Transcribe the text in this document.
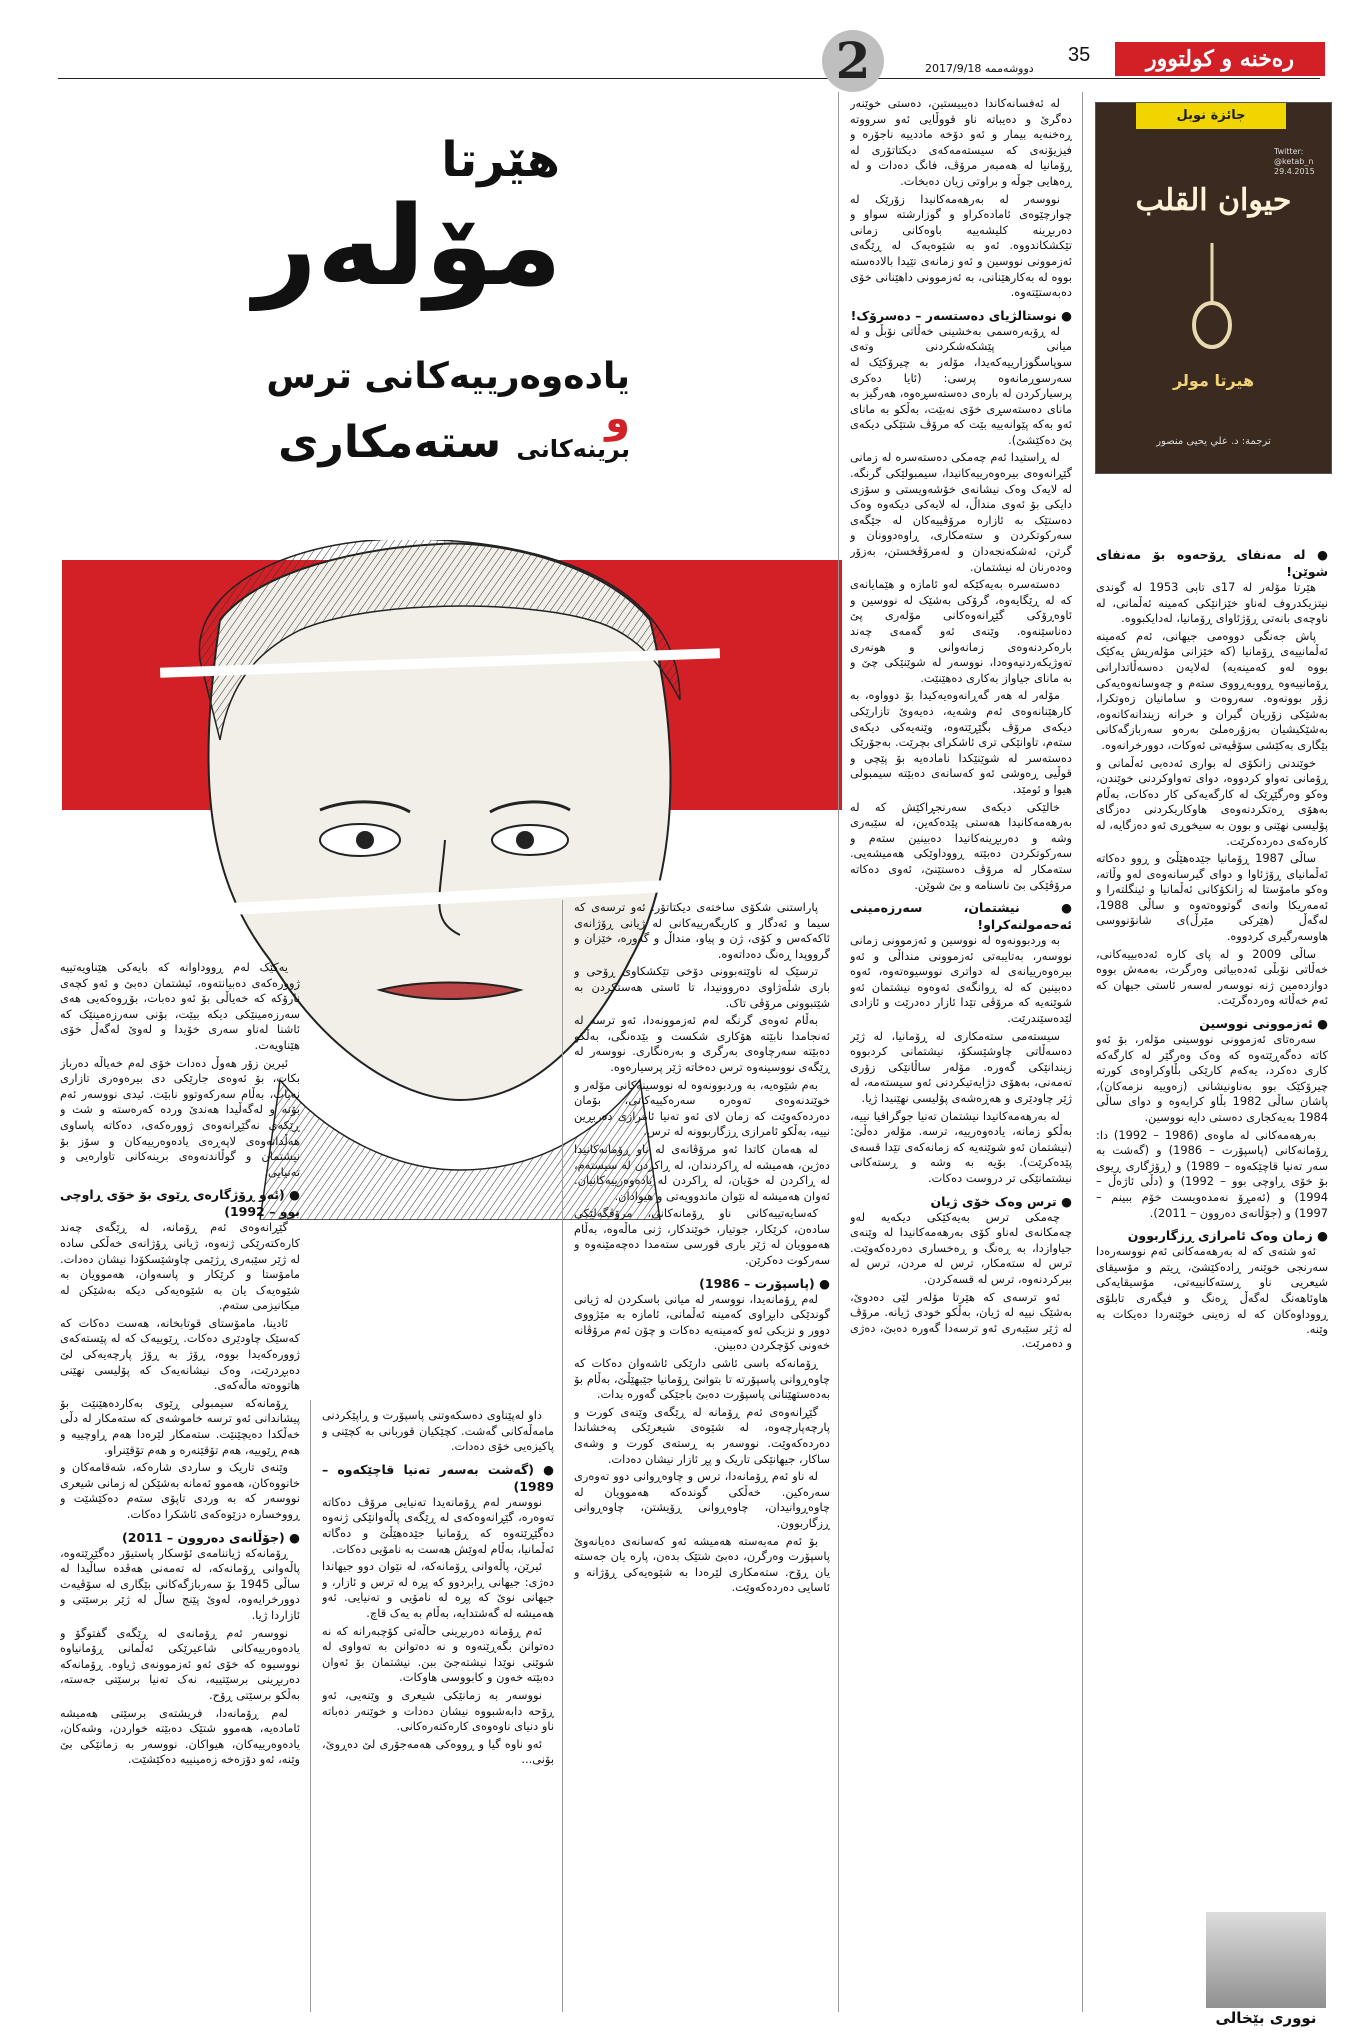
رەخنە و كولتوور
35
دووشەممە 2017/9/18
2
هێرتا
مۆلەر
یادەوەرییەکانی ترس و
برینەکانی ستەمکاری
جائزة نوبل
Twitter: @ketab_n 29.4.2015
حيوان القلب
هيرتا مولر
ترجمة: د. علي يحيى منصور
● لە مەنفای ڕۆحەوە بۆ مەنفای شوێن!
هێرتا مۆلەر لە 17ی تابی 1953 لە گوندی نیتزیکدروف لەناو خێزانێکی کەمینە ئەڵمانی، لە ناوچەی بانەتی ڕۆژئاوای ڕۆمانیا، لەدایکبووە.
پاش جەنگی دووەمی جیهانی، ئەم کەمینە ئەڵمانییەی ڕۆمانیا (کە خێزانی مۆلەریش یەکێک بووە لەو کەمینەیە) لەلایەن دەسەڵاتدارانی ڕۆمانییەوە ڕووبەڕووی ستەم و چەوسانەوەیەکی زۆر بوونەوە. سەروەت و سامانیان زەوتکرا، بەشێکی زۆریان گیران و خرانە زیندانەکانەوە، بەشێکیشیان بەزۆرەملێ بەرەو سەربازگەکانی بێگاری بەکێشی سۆڤیەتی ئەوکات، دوورخرانەوە.
خوێندنی زانکۆی لە بواری ئەدەبی ئەڵمانی و ڕۆمانی تەواو کردووە، دوای تەواوکردنی خوێندن، وەکو وەرگێڕێک لە کارگەیەکی کار دەکات، بەڵام بەهۆی ڕەتکردنەوەی هاوکاریکردنی دەزگای پۆلیسی نهێنی و بوون بە سیخوڕی ئەو دەزگایە، لە کارەکەی دەردەکرێت.
ساڵی 1987 ڕۆمانیا جێدەهێڵێ و ڕوو دەکاتە ئەڵمانیای ڕۆژئاوا و دوای گیرسانەوەی لەو وڵاتە، وەکو مامۆستا لە زانکۆکانی ئەڵمانیا و ئینگلتەرا و ئەمەریکا وانەی گوتووەتەوە و ساڵی 1988، لەگەڵ (هێرکی مێرڵ)ی شانۆنووسی هاوسەرگیری کردووە.
ساڵی 2009 و لە پای کارە ئەدەبییەکانی، خەڵاتی نۆبڵی ئەدەبیاتی وەرگرت، بەمەش بووە دوازدەمین ژنە نووسەر لەسەر ئاستی جیهان کە ئەم خەڵاتە وەردەگرێت.
● ئەزموونی نووسین
سەرەتای ئەزموونی نووسینی مۆلەر، بۆ ئەو کاتە دەگەڕێتەوە کە وەک وەرگێر لە کارگەکە کاری دەکرد، یەکەم کارێکی بڵاوکراوەی کورتە چیرۆکێک بوو بەناونیشانی (زەوییە نزمەکان)، پاشان ساڵی 1982 بڵاو کرایەوە و دوای ساڵی 1984 بەیەکجاری دەستی دایە نووسین.
بەرهەمەکانی لە ماوەی (1986 – 1992) دا: ڕۆمانەکانی (پاسپۆرت – 1986) و (گەشت بە سەر تەنیا قاچێکەوە – 1989) و (ڕۆژگاری ڕیوی بۆ خۆی ڕاوچی بوو – 1992) و (دڵی ئاژەڵ – 1994) و (ئەمڕۆ نەمدەویست خۆم ببینم – 1997) و (جۆڵانەی دەروون – 2011).
● زمان وەک ئامرازی ڕزگاربوون
ئەو شتەی کە لە بەرهەمەکانی ئەم نووسەرەدا سەرنجی خوێنەر ڕادەکێشێ، ڕیتم و مۆسیقای شیعریی ناو ڕستەکانییەتی، مۆسیقایەکی هاوئاهەنگ لەگەڵ ڕەنگ و فیگەری تابلۆی ڕووداوەکان کە لە زەینی خوێنەردا دەیکات بە وێنە.
لە ئەفسانەکاندا دەیبیستین، دەستی خوێنەر دەگرێ و دەیباتە ناو قووڵایی ئەو سرووتە ڕەخنەیە بیمار و ئەو دۆخە ماددییە ناجۆرە و فیزیۆنەی کە سیستەمەکەی دیکتاتۆری لە ڕۆمانیا لە هەمبەر مرۆڤ، فانگ دەدات و لە ڕەهایی جوڵە و براوتی زیان دەبخات.
نووسەر لە بەرهەمەکانیدا زۆرێک لە چوارچێوەی ئامادەکراو و گوزارشتە سواو و دەربڕینە کلیشەییە باوەکانی زمانی تێکشکاندووە. ئەو بە شێوەیەک لە ڕێگەی ئەزموونی نووسین و ئەو زمانەی تێیدا بالادەستە بووە لە بەکارهێنانی، بە ئەزموونی داهێنانی خۆی دەبەستێتەوە.
● نوستالژیای دەستسەر – دەسرۆک!
لە ڕۆبەرەسمی بەخشینی خەڵاتی نۆبڵ و لە میانی پێشکەشکردنی وتەی سوپاسگوزارییەکەیدا، مۆلەر بە چیرۆکێک لە سەرسوڕمانەوە پرسی: (ئایا دەکری پرسیارکردن لە بارەی دەستەسڕەوە، هەرگیز بە مانای دەستەسڕی خۆی نەبێت، بەڵکو بە مانای ئەو بەکە پێوانەییە بێت کە مرۆڤ شتێکی دیکەی پێ دەکێشێ).
لە ڕاستیدا ئەم چەمکی دەستەسرە لە زمانی گێڕانەوەی بیرەوەرییەکانیدا، سیمبولێکی گرنگە. لە لایەک وەک نیشانەی خۆشەویستی و سۆزی دایکی بۆ ئەوی منداڵ، لە لایەکی دیکەوە وەک دەستێک بە ئازارە مرۆڤییەکان لە جێگەی سەرکوتکردن و ستەمکاری، ڕاوەدوونان و گرتن، ئەشکەنجەدان و لەمرۆڤخستن، بەزۆر وەدەرنان لە نیشتمان.
دەستەسرە بەیەکێکە لەو ئامازە و هێمایانەی کە لە ڕێگایەوە، گرۆکی بەشێک لە نووسین و ئاوەڕۆکی گێڕانەوەکانی مۆلەری پێ دەناسێنەوە. وێنەی ئەو گەمەی چەند بارەکردنەوەی زمانەوانی و هونەری تەوژیکەردنیەوەدا، نووسەر لە شوێنێکی چێ و بە مانای جیاواز بەکاری دەهێنێت.
مۆلەر لە هەر گەڕانەوەیەکیدا بۆ دوواوە، بە کارهێنانەوەی ئەم وشەیە، دەیەوێ تازارێکی دیکەی مرۆڤ بگێڕێتەوە، وێنەیەکی دیکەی ستەم، تاوانێکی تری ئاشکرای بچرێت. بەجۆرێک دەستەسر لە شوێنێکدا نامادەیە بۆ پێچی و قوڵیی ڕەوشی ئەو کەسانەی دەبێتە سیمبولی هیوا و ئومێد.
خالێکی دیکەی سەرنجڕاکێش کە لە بەرهەمەکانیدا هەستی پێدەکەین، لە سێبەری وشە و دەربڕینەکانیدا دەبینین ستەم و سەرکوتکردن دەبێتە ڕووداوێکی هەمیشەیی. ستەمکار لە مرۆڤ دەستێنێ، ئەوی دەکاتە مرۆڤێکی بێ ناسنامە و بێ شوێن.
● نیشتمان، سەرزەمینی ئەحەمولنەکراو!
بە وردبوونەوە لە نووسین و ئەزموونی زمانی نووسەر، بەتایبەتی ئەزموونی منداڵی و ئەو بیرەوەرییانەی لە دواتری نووسیوەتەوە، ئەوە دەبینین کە لە ڕوانگەی ئەوەوە نیشتمان ئەو شوێنەیە کە مرۆڤی تێدا ئازار دەدرێت و ئازادی لێدەسێندرێت.
سیستەمی ستەمکاری لە ڕۆمانیا، لە ژێر دەسەڵاتی چاوشێسکۆ، نیشتمانی کردبووە زیندانێکی گەورە. مۆلەر ساڵانێکی زۆری تەمەنی، بەهۆی دژایەتیکردنی ئەو سیستەمە، لە ژێر چاودێری و هەڕەشەی پۆلیسی نهێنیدا ژیا.
لە بەرهەمەکانیدا نیشتمان تەنیا جوگرافیا نییە، بەڵکو زمانە، یادەوەرییە، ترسە. مۆلەر دەڵێ: (نیشتمان ئەو شوێنەیە کە زمانەکەی تێدا قسەی پێدەکرێت). بۆیە بە وشە و ڕستەکانی نیشتمانێکی تر دروست دەکات.
● ترس وەک خۆی ژیان
چەمکی ترس بەیەکێکی دیکەیە لەو چەمکانەی لەناو کۆی بەرهەمەکانیدا لە وێنەی جیاوازدا، بە ڕەنگ و ڕەخساری دەردەکەوێت. ترس لە ستەمکار، ترس لە مردن، ترس لە بیرکردنەوە، ترس لە قسەکردن.
ئەو ترسەی کە هێرتا مۆلەر لێی دەدوێ، بەشێک نییە لە ژیان، بەڵکو خودی ژیانە. مرۆڤ لە ژێر سێبەری ئەو ترسەدا گەورە دەبێ، دەژی و دەمرێت.
پاراستنی شکۆی ساختەی دیکتاتۆر. ئەو ترسەی کە سیما و ئەدگار و کاریگەرییەکانی لە ژیانی ڕۆژانەی ئاکەکەس و کۆی، ژن و پیاو، منداڵ و گەورە، خێزان و گرووپدا ڕەنگ دەداتەوە.
ترسێک لە ناوێتەبوونی دۆخی تێکشکاوی ڕۆحی و باری شڵەژاوی دەروونیدا، تا ئاستی هەستکردن بە شێتبوونی مرۆڤی تاک.
بەڵام ئەوەی گرنگە لەم ئەزموونەدا، ئەو ترسە لە ئەنجامدا نابێتە هۆکاری شکست و بێدەنگی، بەڵکو دەبێتە سەرچاوەی بەرگری و بەرەنگاری. نووسەر لە ڕێگەی نووسینەوە ترس دەخاتە ژێر پرسیارەوە.
بەم شێوەیە، بە وردبوونەوە لە نووسینەکانی مۆلەر و خوێندنەوەی تەوەرە سەرەکییەکانی، بۆمان دەردەکەوێت کە زمان لای ئەو تەنیا ئامرازی دەربڕین نییە، بەڵکو ئامرازی ڕزگاربوونە لە ترس.
لە هەمان کاتدا ئەو مرۆڤانەی لە ناو ڕۆمانەکانیدا دەژین، هەمیشە لە ڕاکردندان، لە ڕاکردن لە سیستەم، لە ڕاکردن لە خۆیان، لە ڕاکردن لە یادەوەرییەکانیان. ئەوان هەمیشە لە نێوان ماندوویەتی و هیوادان.
کەسایەتییەکانی ناو ڕۆمانەکانی، مرۆڤگەلێکی سادەن، کرێکار، جوتیار، خوێندکار، ژنی ماڵەوە، بەڵام هەموویان لە ژێر باری قورسی ستەمدا دەچەمێنەوە و سەرکوت دەکرێن.
● (پاسپۆرت – 1986)
لەم ڕۆمانەیدا، نووسەر لە میانی باسکردن لە ژیانی گوندێکی دابڕاوی کەمینە ئەڵمانی، ئامازە بە مێژووی دوور و نزیکی ئەو کەمینەیە دەکات و چۆن ئەم مرۆڤانە خەونی کۆچکردن دەبینن.
ڕۆمانەکە باسی ئاشی دارێکی ئاشەوان دەکات کە چاوەڕوانی پاسپۆرتە تا بتوانێ ڕۆمانیا جێبهێڵێ، بەڵام بۆ بەدەستهێنانی پاسپۆرت دەبێ باجێکی گەورە بدات.
گێڕانەوەی ئەم ڕۆمانە لە ڕێگەی وێنەی کورت و پارچەپارچەوە، لە شێوەی شیعرێکی پەخشاندا دەردەکەوێت. نووسەر بە ڕستەی کورت و وشەی ساکار، جیهانێکی تاریک و پڕ ئازار نیشان دەدات.
لە ناو ئەم ڕۆمانەدا، ترس و چاوەڕوانی دوو تەوەری سەرەکین. خەڵکی گوندەکە هەموویان لە چاوەڕوانیدان، چاوەڕوانی ڕۆیشتن، چاوەڕوانی ڕزگاربوون.
بۆ ئەم مەبەستە هەمیشە ئەو کەسانەی دەیانەوێ پاسپۆرت وەرگرن، دەبێ شتێک بدەن، پارە یان جەستە یان ڕۆح. ستەمکاری لێرەدا بە شێوەیەکی ڕۆژانە و ئاسایی دەردەکەوێت.
داو لەپێناوی دەسکەوتنی پاسپۆرت و ڕاپێکردنی مامەڵەکانی گەشت. کچێکیان قوربانی بە کچێنی و پاکیزەیی خۆی دەدات.
● (گەشت بەسەر تەنیا قاچێکەوە – 1989)
نووسەر لەم ڕۆمانەیدا تەنیایی مرۆڤ دەکاتە تەوەرە، گێڕانەوەکەی لە ڕێگەی پاڵەوانێکی ژنەوە دەگێڕێتەوە کە ڕۆمانیا جێدەهێڵێ و دەگاتە ئەڵمانیا، بەڵام لەوێش هەست بە نامۆیی دەکات.
ئیرێن، پاڵەوانی ڕۆمانەکە، لە نێوان دوو جیهاندا دەژی: جیهانی ڕابردوو کە پڕە لە ترس و ئازار، و جیهانی نوێ کە پڕە لە نامۆیی و تەنیایی. ئەو هەمیشە لە گەشتدایە، بەڵام بە یەک قاچ.
ئەم ڕۆمانە دەربڕینی حاڵەتی کۆچبەرانە کە نە دەتوانن بگەڕێنەوە و نە دەتوانن بە تەواوی لە شوێنی نوێدا نیشتەجێ ببن. نیشتمان بۆ ئەوان دەبێتە خەون و کابووسی هاوکات.
نووسەر بە زمانێکی شیعری و وێنەیی، ئەو ڕۆحە دابەشبووە نیشان دەدات و خوێنەر دەباتە ناو دنیای ناوەوەی کارەکتەرەکانی.
ئەو ناوە گیا و ڕووەکی هەمەجۆری لێ دەڕوێ، بۆنی...
یەکێک لەم ڕووداوانە کە بایەکی هێناویەتییە ژوورەکەی دەبیانتەوە، ئیشتمان دەبێ و ئەو کچەی نارۆکە کە خەیاڵی بۆ ئەو دەبات، بۆڕوەکەیی هەی سەرزەمینێکی دیکە بیێت، بۆنی سەرزەمینێک کە ئاشنا لەناو سەری خۆیدا و لەوێ لەگەڵ خۆی هێناویەت.
ئیرین زۆر هەوڵ دەدات خۆی لەم خەیاڵە دەرباز بکات، بۆ ئەوەی جارێکی دی بیرەوەری تازاری نەبات، بەڵام سەرکەوتوو نابێت. ئیدی نووسەر ئەم بۆنە و لەگەڵیدا هەندێ وردە کەرەستە و شت و ڕێکەی نەگێڕانەوەی ژوورەکەی، دەکاتە پاساوی هەڵدانەوەی لاپەڕەی یادەوەرییەکان و سۆز بۆ نیشتمان و گوڵاندنەوەی برینەکانی تاوارەیی و تەنیایی.
● (ئەو ڕۆژگارەی ڕێوی بۆ خۆی ڕاوچی بوو – 1992)
گێڕانەوەی ئەم ڕۆمانە، لە ڕێگەی چەند کارەکتەرێکی ژنەوە، ژیانی ڕۆژانەی خەڵکی سادە لە ژێر سێبەری ڕژێمی چاوشێسکۆدا نیشان دەدات. مامۆستا و کرێکار و پاسەوان، هەموویان بە شێوەیەک یان بە شێوەیەکی دیکە بەشێکن لە میکانیزمی ستەم.
ئادینا، مامۆستای قوتابخانە، هەست دەکات کە کەسێک چاودێری دەکات. ڕێوییەک کە لە پێستەکەی ژوورەکەیدا بووە، ڕۆژ بە ڕۆژ پارچەیەکی لێ دەبڕدرێت، وەک نیشانەیەک کە پۆلیسی نهێنی هاتووەتە ماڵەکەی.
ڕۆمانەکە سیمبولی ڕێوی بەکاردەهێنێت بۆ پیشاندانی ئەو ترسە خاموشەی کە ستەمکار لە دڵی خەڵکدا دەیچێنێت. ستەمکار لێرەدا هەم ڕاوچییە و هەم ڕێوییە، هەم تۆقێنەرە و هەم تۆقێنراو.
وێنەی تاریک و ساردی شارەکە، شەقامەکان و خانووەکان، هەموو ئەمانە بەشێکن لە زمانی شیعری نووسەر کە بە وردی تاپۆی ستەم دەکێشێت و ڕووخسارە دزێوەکەی ئاشکرا دەکات.
● (جۆڵانەی دەروون – 2011)
ڕۆمانەکە ژیاننامەی ئۆسکار پاستیۆر دەگێڕێتەوە، پاڵەوانی ڕۆمانەکە، لە تەمەنی هەڤدە ساڵیدا لە ساڵی 1945 بۆ سەربازگەکانی بێگاری لە سۆڤیەت دوورخرایەوە، لەوێ پێنج ساڵ لە ژێر برسێتی و ئازاردا ژیا.
نووسەر ئەم ڕۆمانەی لە ڕێگەی گفتوگۆ و یادەوەرییەکانی شاعیرێکی ئەڵمانی ڕۆمانیاوە نووسیوە کە خۆی ئەو ئەزموونەی ژیاوە. ڕۆمانەکە دەربڕینی برسێتییە، نەک تەنیا برسێتی جەستە، بەڵکو برسێتی ڕۆح.
لەم ڕۆمانەدا، فریشتەی برسێتی هەمیشە ئامادەیە، هەموو شتێک دەبێتە خواردن، وشەکان، یادەوەرییەکان، هیواکان. نووسەر بە زمانێکی بێ وێنە، ئەو دۆزەخە زەمینییە دەکێشێت.
نووری بێخالی
